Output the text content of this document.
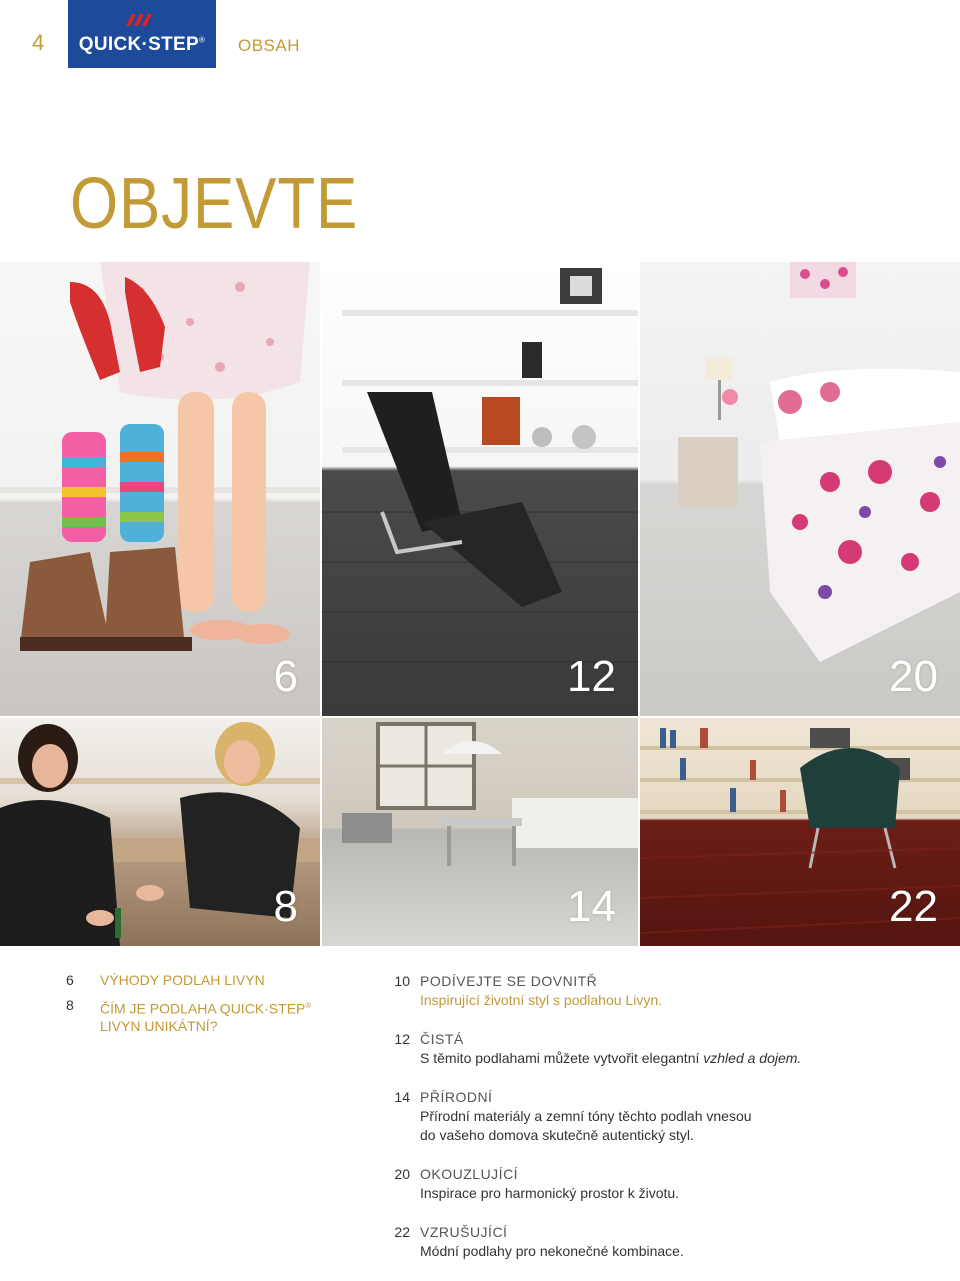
4	QUICK·STEP®	OBSAH
OBJEVTE
6	12	20
8	14	22
6	VÝHODY PODLAH LIVYN
8	ČÍM JE PODLAHA QUICK·STEP®
LIVYN UNIKÁTNÍ?
10 PODÍVEJTE SE DOVNITŘ
Inspirující životní styl s podlahou Livyn.
12 ČISTÁ
S těmito podlahami můžete vytvořit elegantní vzhled a dojem.
14 PŘÍRODNÍ
Přírodní materiály a zemní tóny těchto podlah vnesou
do vašeho domova skutečně autentický styl.
20 OKOUZLUJÍCÍ
Inspirace pro harmonický prostor k životu.
22 VZRUŠUJÍCÍ
Módní podlahy pro nekonečné kombinace.
